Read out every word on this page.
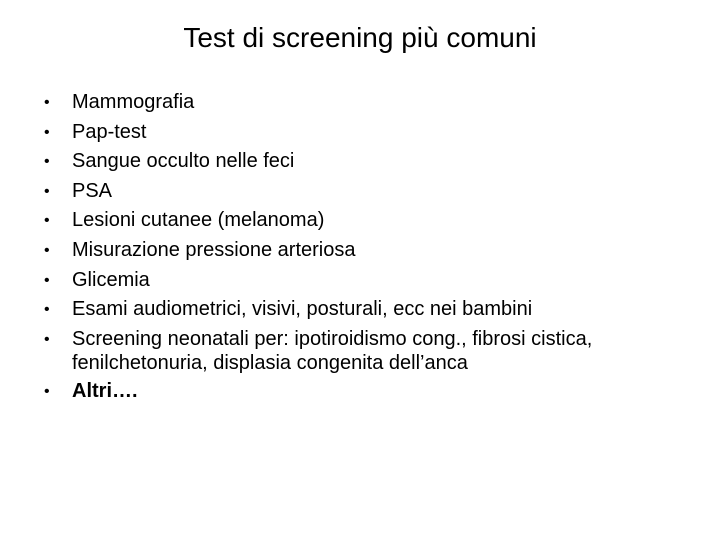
Test di screening più comuni
•	Mammografia
•	Pap-test
•	Sangue occulto nelle feci
•	PSA
•	Lesioni cutanee (melanoma)
•	Misurazione pressione arteriosa
•	Glicemia
•	Esami audiometrici, visivi, posturali, ecc nei bambini
•	Screening neonatali per: ipotiroidismo cong., fibrosi cistica, fenilchetonuria, displasia congenita dell’anca
•	Altri….
